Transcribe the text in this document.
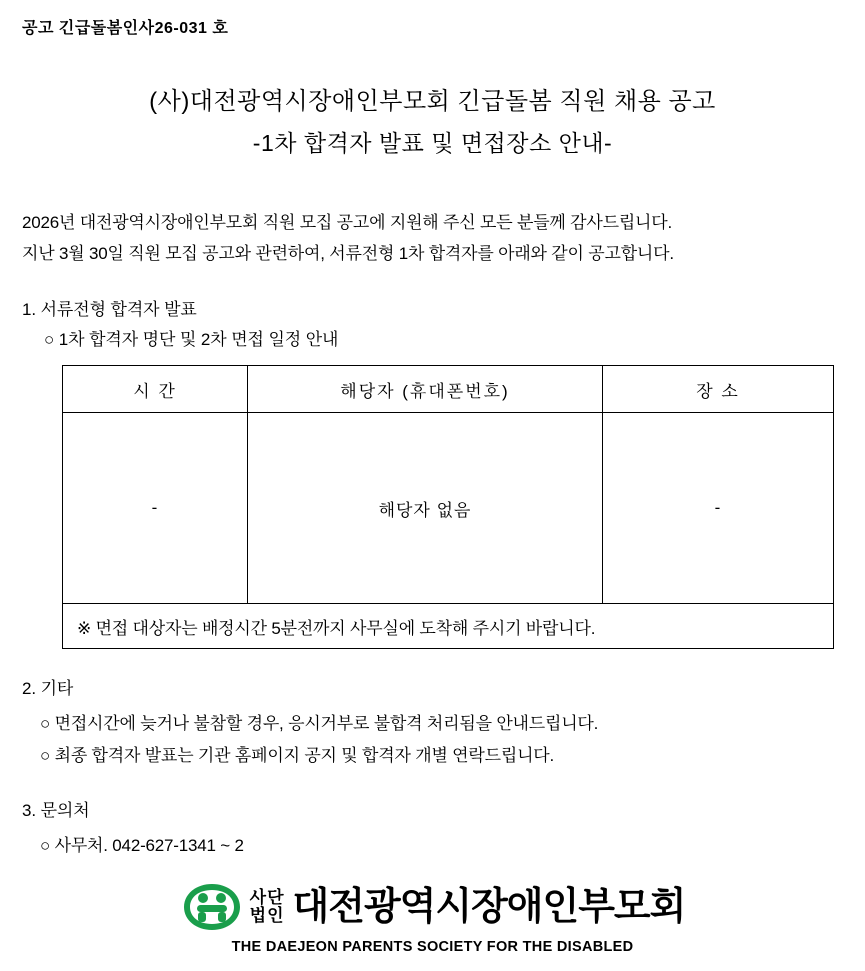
공고 긴급돌봄인사26-031 호
(사)대전광역시장애인부모회 긴급돌봄 직원 채용 공고
-1차 합격자 발표 및 면접장소 안내-
2026년 대전광역시장애인부모회 직원 모집 공고에 지원해 주신 모든 분들께 감사드립니다.
지난 3월 30일 직원 모집 공고와 관련하여, 서류전형 1차 합격자를 아래와 같이 공고합니다.
1. 서류전형 합격자 발표
○ 1차 합격자 명단 및 2차 면접 일정 안내
시 간	해당자 (휴대폰번호)	장 소
-	해당자 없음	-
※ 면접 대상자는 배정시간 5분전까지 사무실에 도착해 주시기 바랍니다.		
2. 기타
○ 면접시간에 늦거나 불참할 경우, 응시거부로 불합격 처리됨을 안내드립니다.
○ 최종 합격자 발표는 기관 홈페이지 공지 및 합격자 개별 연락드립니다.
3. 문의처
○ 사무처. 042-627-1341 ~ 2
사단
법인 대전광역시장애인부모회
THE DAEJEON PARENTS SOCIETY FOR THE DISABLED
